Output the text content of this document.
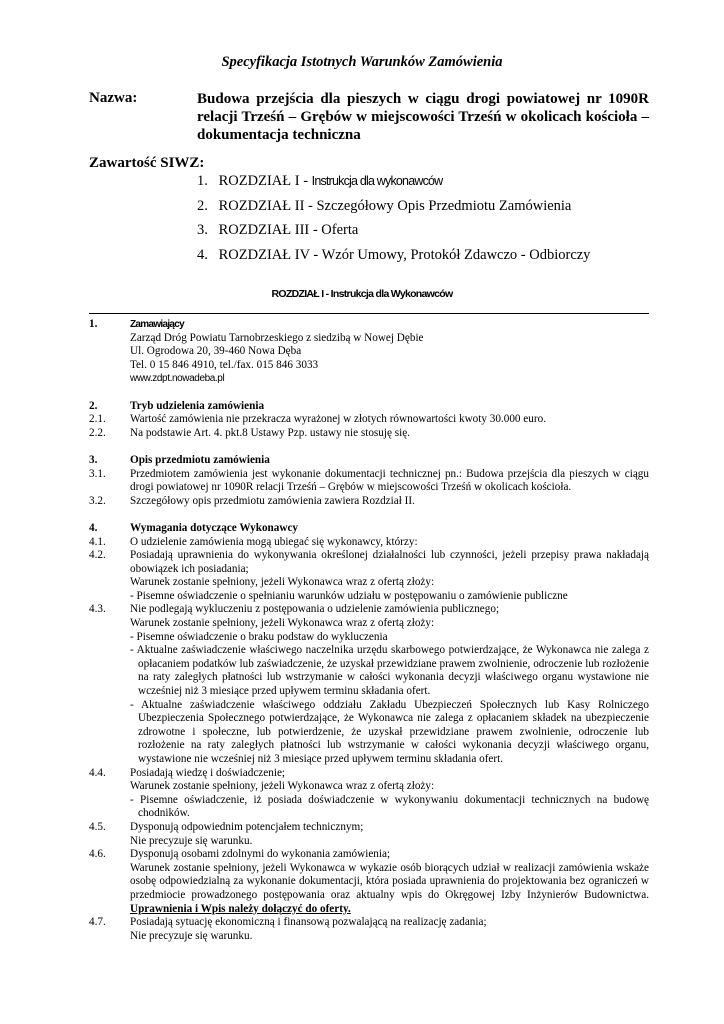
Specyfikacja Istotnych Warunków Zamówienia
Nazwa:	Budowa przejścia dla pieszych w ciągu drogi powiatowej nr 1090R relacji Trześń – Grębów w miejscowości Trześń w okolicach kościoła – dokumentacja techniczna
Zawartość SIWZ:
1. ROZDZIAŁ I - Instrukcja dla wykonawców
2. ROZDZIAŁ II - Szczegółowy Opis Przedmiotu Zamówienia
3. ROZDZIAŁ III - Oferta
4. ROZDZIAŁ IV - Wzór Umowy, Protokół Zdawczo - Odbiorczy
ROZDZIAŁ I - Instrukcja dla Wykonawców
1.	Zamawiający
Zarząd Dróg Powiatu Tarnobrzeskiego z siedzibą w Nowej Dębie
Ul. Ogrodowa 20, 39-460 Nowa Dęba
Tel. 0 15 846 4910, tel./fax. 015 846 3033
www.zdpt.nowadeba.pl
2.	Tryb udzielenia zamówienia
2.1.	Wartość zamówienia nie przekracza wyrażonej w złotych równowartości kwoty 30.000 euro.
2.2.	Na podstawie Art. 4. pkt.8 Ustawy Pzp. ustawy nie stosuję się.
3.	Opis przedmiotu zamówienia
3.1.	Przedmiotem zamówienia jest wykonanie dokumentacji technicznej pn.: Budowa przejścia dla pieszych w ciągu drogi powiatowej nr 1090R relacji Trześń – Grębów w miejscowości Trześń w okolicach kościoła.
3.2.	Szczegółowy opis przedmiotu zamówienia zawiera Rozdział II.
4.	Wymagania dotyczące Wykonawcy
4.1.	O udzielenie zamówienia mogą ubiegać się wykonawcy, którzy:
4.2.	Posiadają uprawnienia do wykonywania określonej działalności lub czynności, jeżeli przepisy prawa nakładają obowiązek ich posiadania;
Warunek zostanie spełniony, jeżeli Wykonawca wraz z ofertą złoży:
- Pisemne oświadczenie o spełnianiu warunków udziału w postępowaniu o zamówienie publiczne
4.3.	Nie podlegają wykluczeniu z postępowania o udzielenie zamówienia publicznego;
Warunek zostanie spełniony, jeżeli Wykonawca wraz z ofertą złoży:
- Pisemne oświadczenie o braku podstaw do wykluczenia
- Aktualne zaświadczenie właściwego naczelnika urzędu skarbowego potwierdzające, że Wykonawca nie zalega z opłacaniem podatków lub zaświadczenie, że uzyskał przewidziane prawem zwolnienie, odroczenie lub rozłożenie na raty zaległych płatności lub wstrzymanie w całości wykonania decyzji właściwego organu wystawione nie wcześniej niż 3 miesiące przed upływem terminu składania ofert.
- Aktualne zaświadczenie właściwego oddziału Zakładu Ubezpieczeń Społecznych lub Kasy Rolniczego Ubezpieczenia Społecznego potwierdzające, że Wykonawca nie zalega z opłacaniem składek na ubezpieczenie zdrowotne i społeczne, lub potwierdzenie, że uzyskał przewidziane prawem zwolnienie, odroczenie lub rozłożenie na raty zaległych płatności lub wstrzymanie w całości wykonania decyzji właściwego organu, wystawione nie wcześniej niż 3 miesiące przed upływem terminu składania ofert.
4.4.	Posiadają wiedzę i doświadczenie;
Warunek zostanie spełniony, jeżeli Wykonawca wraz z ofertą złoży:
- Pisemne oświadczenie, iż posiada doświadczenie w wykonywaniu dokumentacji technicznych na budowę chodników.
4.5.	Dysponują odpowiednim potencjałem technicznym;
Nie precyzuje się warunku.
4.6.	Dysponują osobami zdolnymi do wykonania zamówienia;
Warunek zostanie spełniony, jeżeli Wykonawca w wykazie osób biorących udział w realizacji zamówienia wskaże osobę odpowiedzialną za wykonanie dokumentacji, która posiada uprawnienia do projektowania bez ograniczeń w przedmiocie prowadzonego postępowania oraz aktualny wpis do Okręgowej Izby Inżynierów Budownictwa. Uprawnienia i Wpis należy dołączyć do oferty.
4.7.	Posiadają sytuację ekonomiczną i finansową pozwalającą na realizację zadania;
Nie precyzuje się warunku.
